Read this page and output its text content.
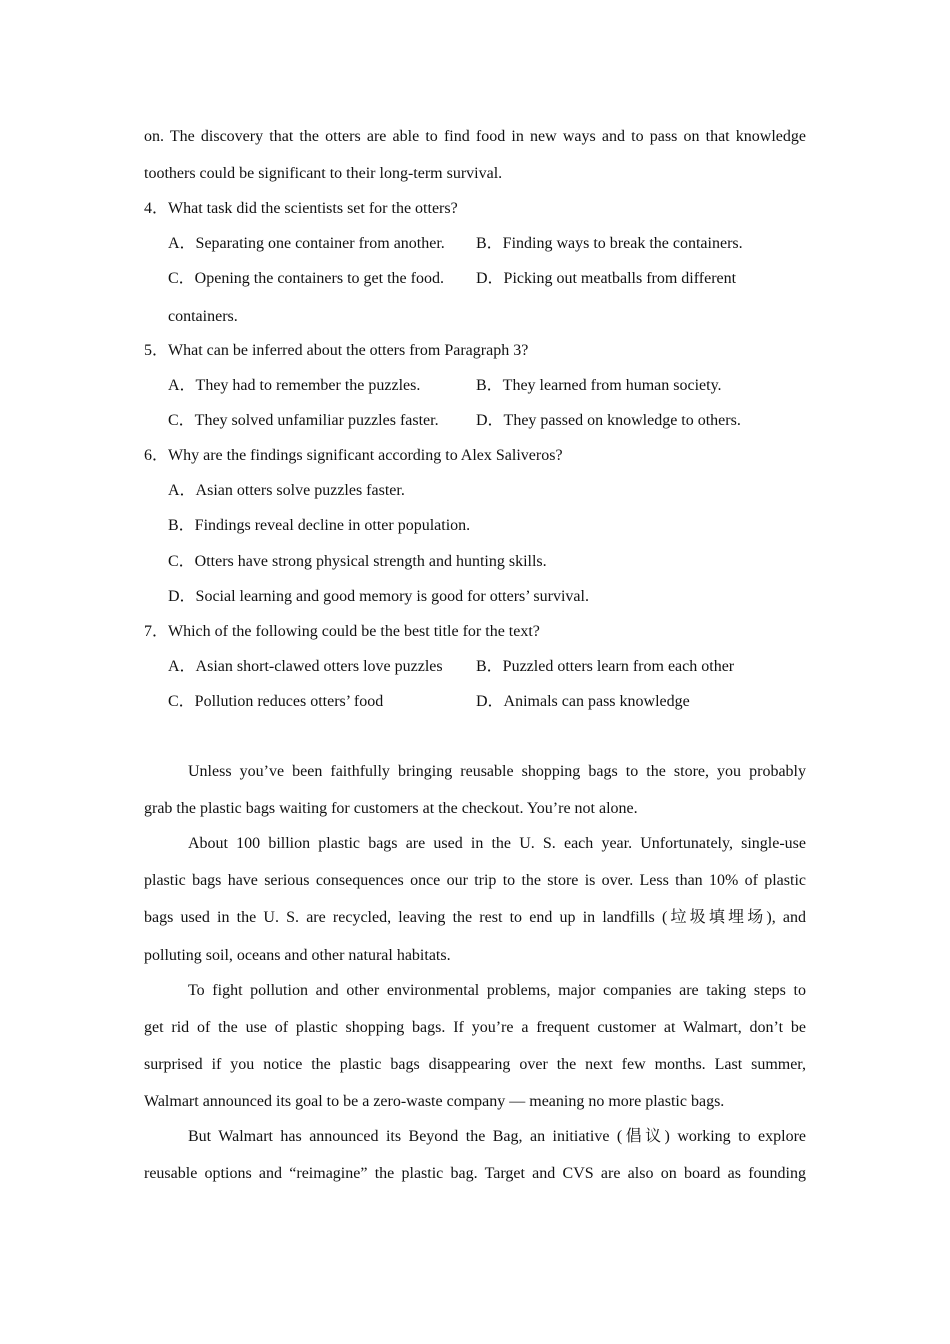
on. The discovery that the otters are able to find food in new ways and to pass on that knowledge
toothers could be significant to their long-term survival.
4．What task did the scientists set for the otters?
A．Separating one container from another. B．Finding ways to break the containers.
C．Opening the containers to get the food. D．Picking out meatballs from different
containers.
5．What can be inferred about the otters from Paragraph 3?
A．They had to remember the puzzles.	B．They learned from human society.
C．They solved unfamiliar puzzles faster. D．They passed on knowledge to others.
6．Why are the findings significant according to Alex Saliveros?
A．Asian otters solve puzzles faster.
B．Findings reveal decline in otter population.
C．Otters have strong physical strength and hunting skills.
D．Social learning and good memory is good for otters’ survival.
7．Which of the following could be the best title for the text?
A．Asian short-clawed otters love puzzles B．Puzzled otters learn from each other
C．Pollution reduces otters’ food	D．Animals can pass knowledge
Unless you’ve been faithfully bringing reusable shopping bags to the store, you probably
grab the plastic bags waiting for customers at the checkout. You’re not alone.
About 100 billion plastic bags are used in the U. S. each year. Unfortunately, single-use
plastic bags have serious consequences once our trip to the store is over. Less than 10% of plastic
bags used in the U. S. are recycled, leaving the rest to end up in landfills (垃圾填埋场), and
polluting soil, oceans and other natural habitats.
To fight pollution and other environmental problems, major companies are taking steps to
get rid of the use of plastic shopping bags. If you’re a frequent customer at Walmart, don’t be
surprised if you notice the plastic bags disappearing over the next few months. Last summer,
Walmart announced its goal to be a zero-waste company — meaning no more plastic bags.
But Walmart has announced its Beyond the Bag, an initiative (倡议) working to explore
reusable options and “reimagine” the plastic bag. Target and CVS are also on board as founding
